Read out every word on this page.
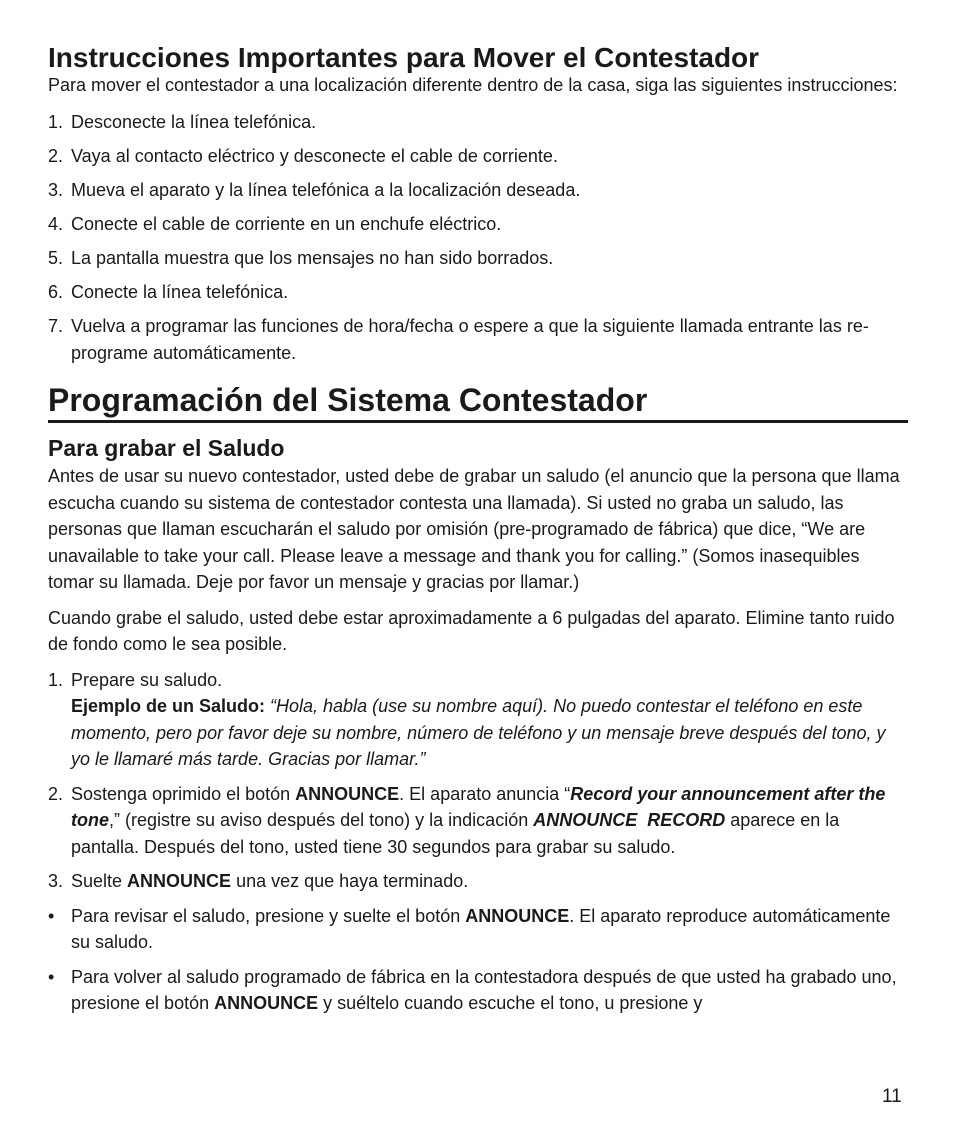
Instrucciones Importantes para Mover el Contestador

Para mover el contestador a una localización diferente dentro de la casa, siga las siguientes instrucciones:

1. Desconecte la línea telefónica.
2. Vaya al contacto eléctrico y desconecte el cable de corriente.
3. Mueva el aparato y la línea telefónica a la localización deseada.
4. Conecte el cable de corriente en un enchufe eléctrico.
5. La pantalla muestra que los mensajes no han sido borrados.
6. Conecte la línea telefónica.
7. Vuelva a programar las funciones de hora/fecha o espere a que la siguiente llamada entrante las re-programe automáticamente.
Programación del Sistema Contestador
Para grabar el Saludo

Antes de usar su nuevo contestador, usted debe de grabar un saludo (el anuncio que la persona que llama escucha cuando su sistema de contestador contesta una llamada). Si usted no graba un saludo, las personas que llaman escucharán el saludo por omisión (pre-programado de fábrica) que dice, “We are unavailable to take your call. Please leave a message and thank you for calling.” (Somos inasequibles tomar su llamada. Deje por favor un mensaje y gracias por llamar.)

Cuando grabe el saludo, usted debe estar aproximadamente a 6 pulgadas del aparato. Elimine tanto ruido de fondo como le sea posible.

1. Prepare su saludo.
Ejemplo de un Saludo: “Hola, habla (use su nombre aquí). No puedo contestar el teléfono en este momento, pero por favor deje su nombre, número de teléfono y un mensaje breve después del tono, y yo le llamaré más tarde. Gracias por llamar.”
2. Sostenga oprimido el botón ANNOUNCE. El aparato anuncia “Record your announcement after the tone,” (registre su aviso después del tono) y la indicación ANNOUNCE  RECORD aparece en la pantalla. Después del tono, usted tiene 30 segundos para grabar su saludo.
3. Suelte ANNOUNCE una vez que haya terminado.
• Para revisar el saludo, presione y suelte el botón ANNOUNCE. El aparato reproduce automáticamente su saludo.
• Para volver al saludo programado de fábrica en la contestadora después de que usted ha grabado uno, presione el botón ANNOUNCE y suéltelo cuando escuche el tono, u presione y
11
